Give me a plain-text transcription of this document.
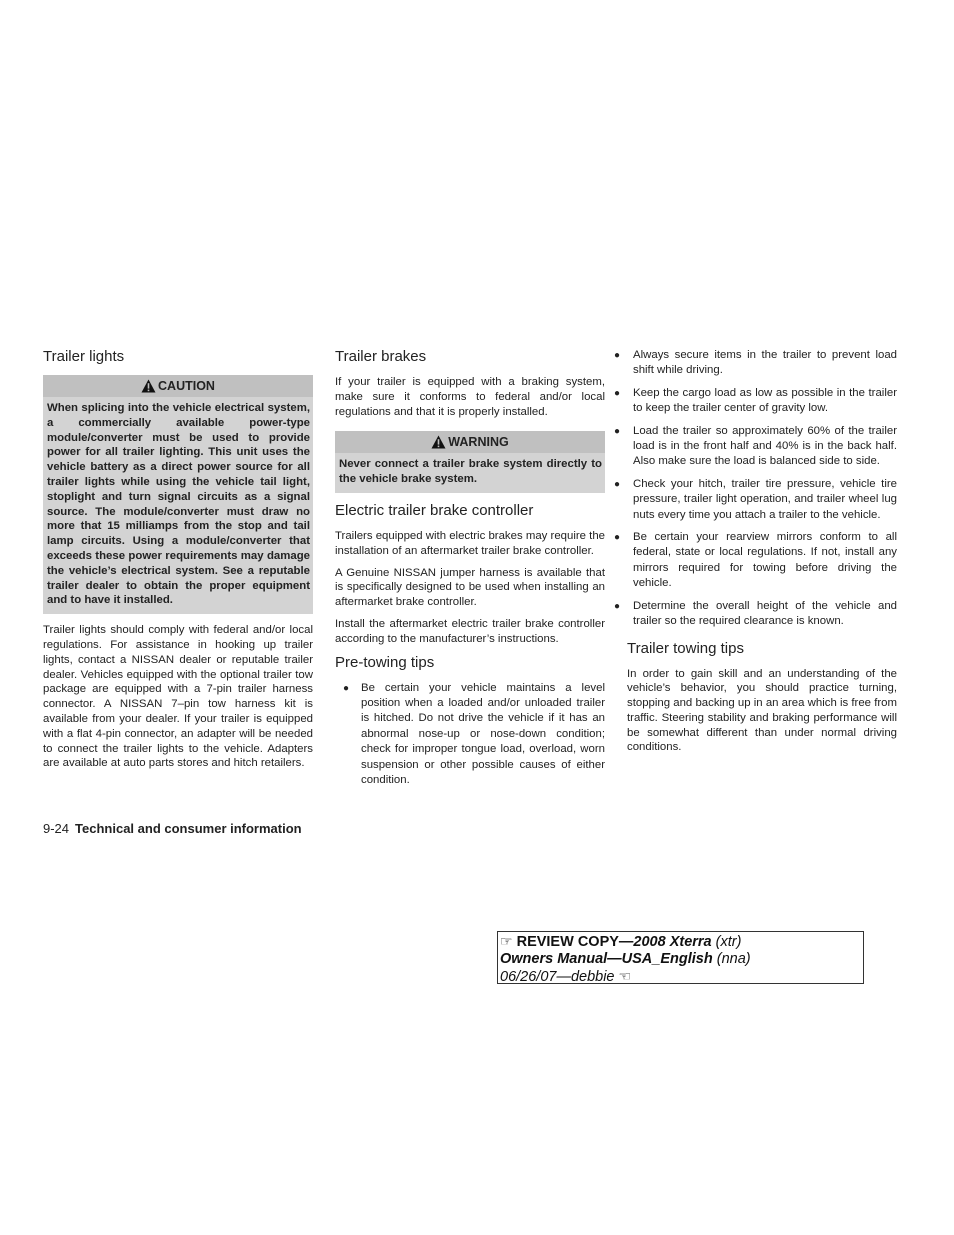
Trailer lights
CAUTION
When splicing into the vehicle electrical system, a commercially available power-type module/converter must be used to provide power for all trailer lighting. This unit uses the vehicle battery as a direct power source for all trailer lights while using the vehicle tail light, stoplight and turn signal circuits as a signal source. The module/converter must draw no more that 15 milliamps from the stop and tail lamp circuits. Using a module/converter that exceeds these power requirements may damage the vehicle’s electrical system. See a reputable trailer dealer to obtain the proper equipment and to have it installed.

Trailer lights should comply with federal and/or local regulations. For assistance in hooking up trailer lights, contact a NISSAN dealer or reputable trailer dealer. Vehicles equipped with the optional trailer tow package are equipped with a 7-pin trailer harness connector. A NISSAN 7–pin tow harness kit is available from your dealer. If your trailer is equipped with a flat 4-pin connector, an adapter will be needed to connect the trailer lights to the vehicle. Adapters are available at auto parts stores and hitch retailers.

Trailer brakes

If your trailer is equipped with a braking system, make sure it conforms to federal and/or local regulations and that it is properly installed.

WARNING
Never connect a trailer brake system directly to the vehicle brake system.
Electric trailer brake controller

Trailers equipped with electric brakes may require the installation of an aftermarket trailer brake controller.

A Genuine NISSAN jumper harness is available that is specifically designed to be used when installing an aftermarket brake controller.

Install the aftermarket electric trailer brake controller according to the manufacturer’s instructions.

Pre-towing tips
● Be certain your vehicle maintains a level position when a loaded and/or unloaded trailer is hitched. Do not drive the vehicle if it has an abnormal nose-up or nose-down condition; check for improper tongue load, overload, worn suspension or other possible causes of either condition.
● Always secure items in the trailer to prevent load shift while driving.
● Keep the cargo load as low as possible in the trailer to keep the trailer center of gravity low.
● Load the trailer so approximately 60% of the trailer load is in the front half and 40% is in the back half. Also make sure the load is balanced side to side.
● Check your hitch, trailer tire pressure, vehicle tire pressure, trailer light operation, and trailer wheel lug nuts every time you attach a trailer to the vehicle.
● Be certain your rearview mirrors conform to all federal, state or local regulations. If not, install any mirrors required for towing before driving the vehicle.
● Determine the overall height of the vehicle and trailer so the required clearance is known.
Trailer towing tips

In order to gain skill and an understanding of the vehicle’s behavior, you should practice turning, stopping and backing up in an area which is free from traffic. Steering stability and braking performance will be somewhat different than under normal driving conditions.

9-24 Technical and consumer information
☞ REVIEW COPY—2008 Xterra (xtr)
Owners Manual—USA_English (nna)
06/26/07—debbie ☜
